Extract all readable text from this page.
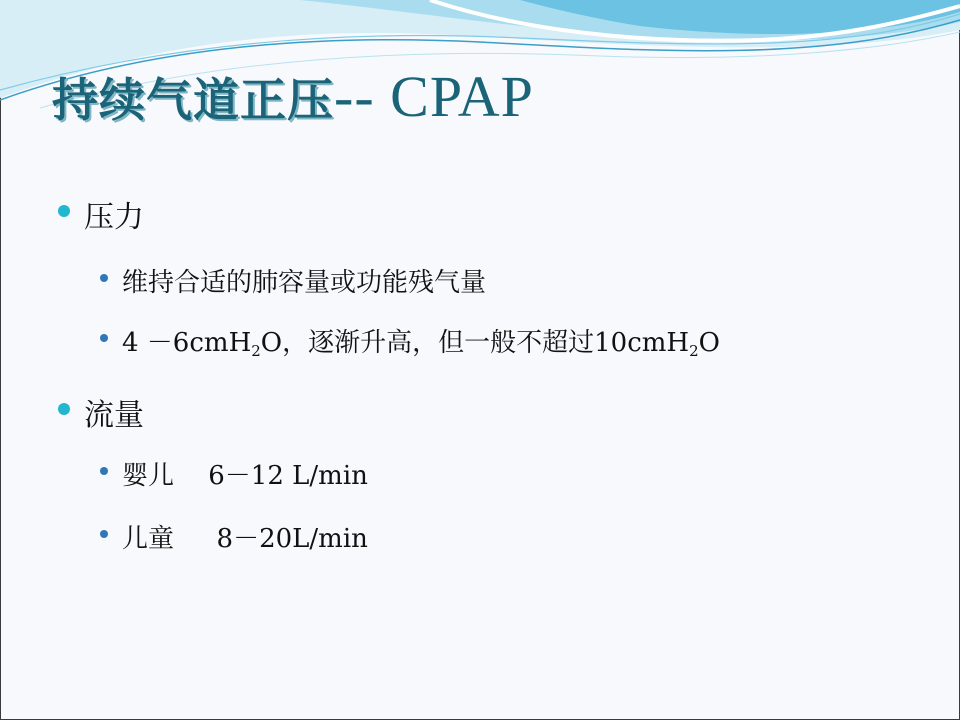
持续气道正压-- CPAP
压力
维持合适的肺容量或功能残气量
4 －6cmH$_2$O，逐渐升高，但一般不超过10cmH$_2$O
流量
婴儿　 6－12 L/min
儿童 　 8－20L/min
